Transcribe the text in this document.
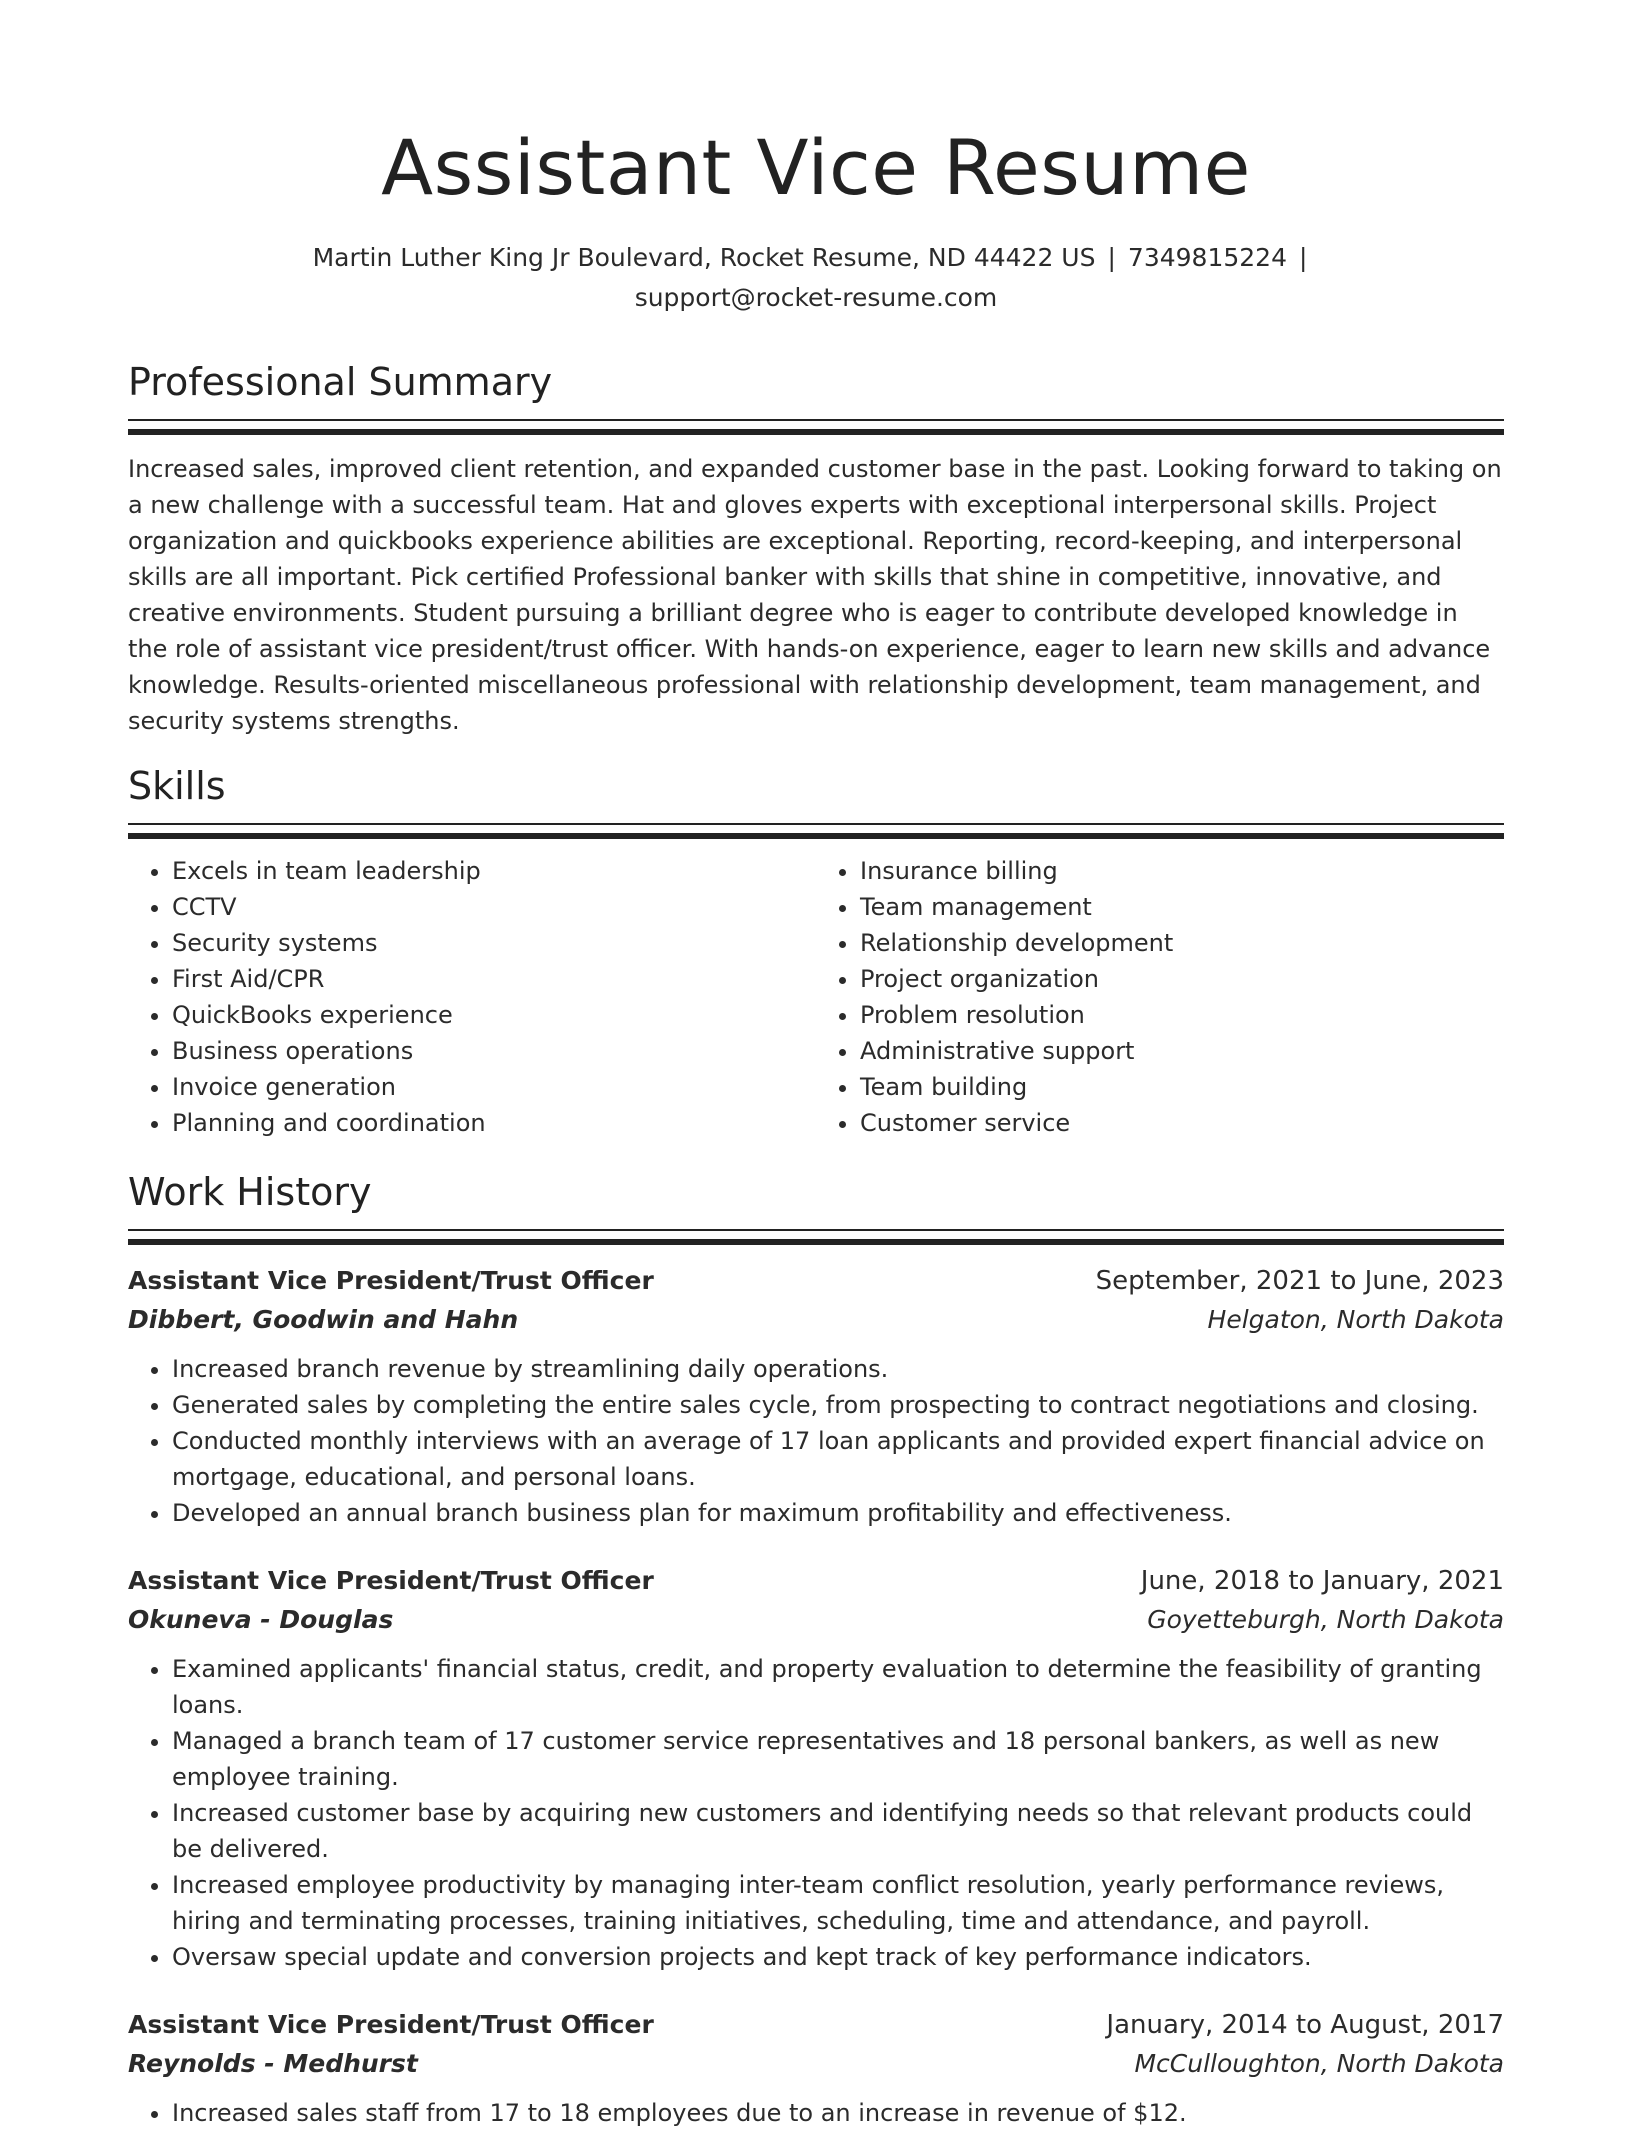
Assistant Vice Resume
Martin Luther King Jr Boulevard, Rocket Resume, ND 44422 US | 7349815224 |
support@rocket-resume.com
Professional Summary

Increased sales, improved client retention, and expanded customer base in the past. Looking forward to taking on a new challenge with a successful team. Hat and gloves experts with exceptional interpersonal skills. Project organization and quickbooks experience abilities are exceptional. Reporting, record-keeping, and interpersonal skills are all important. Pick certified Professional banker with skills that shine in competitive, innovative, and creative environments. Student pursuing a brilliant degree who is eager to contribute developed knowledge in the role of assistant vice president/trust officer. With hands-on experience, eager to learn new skills and advance knowledge. Results-oriented miscellaneous professional with relationship development, team management, and security systems strengths.

Skills
• Excels in team leadership
• CCTV
• Security systems
• First Aid/CPR
• QuickBooks experience
• Business operations
• Invoice generation
• Planning and coordination
• Insurance billing
• Team management
• Relationship development
• Project organization
• Problem resolution
• Administrative support
• Team building
• Customer service
Work History
Assistant Vice President/Trust Officer	September, 2021 to June, 2023
Dibbert, Goodwin and Hahn	Helgaton, North Dakota
• Increased branch revenue by streamlining daily operations.
• Generated sales by completing the entire sales cycle, from prospecting to contract negotiations and closing.
• Conducted monthly interviews with an average of 17 loan applicants and provided expert financial advice on mortgage, educational, and personal loans.
• Developed an annual branch business plan for maximum profitability and effectiveness.
Assistant Vice President/Trust Officer	June, 2018 to January, 2021
Okuneva - Douglas	Goyetteburgh, North Dakota
• Examined applicants' financial status, credit, and property evaluation to determine the feasibility of granting loans.
• Managed a branch team of 17 customer service representatives and 18 personal bankers, as well as new employee training.
• Increased customer base by acquiring new customers and identifying needs so that relevant products could be delivered.
• Increased employee productivity by managing inter-team conflict resolution, yearly performance reviews, hiring and terminating processes, training initiatives, scheduling, time and attendance, and payroll.
• Oversaw special update and conversion projects and kept track of key performance indicators.
Assistant Vice President/Trust Officer	January, 2014 to August, 2017
Reynolds - Medhurst	McCulloughton, North Dakota
• Increased sales staff from 17 to 18 employees due to an increase in revenue of $12.
